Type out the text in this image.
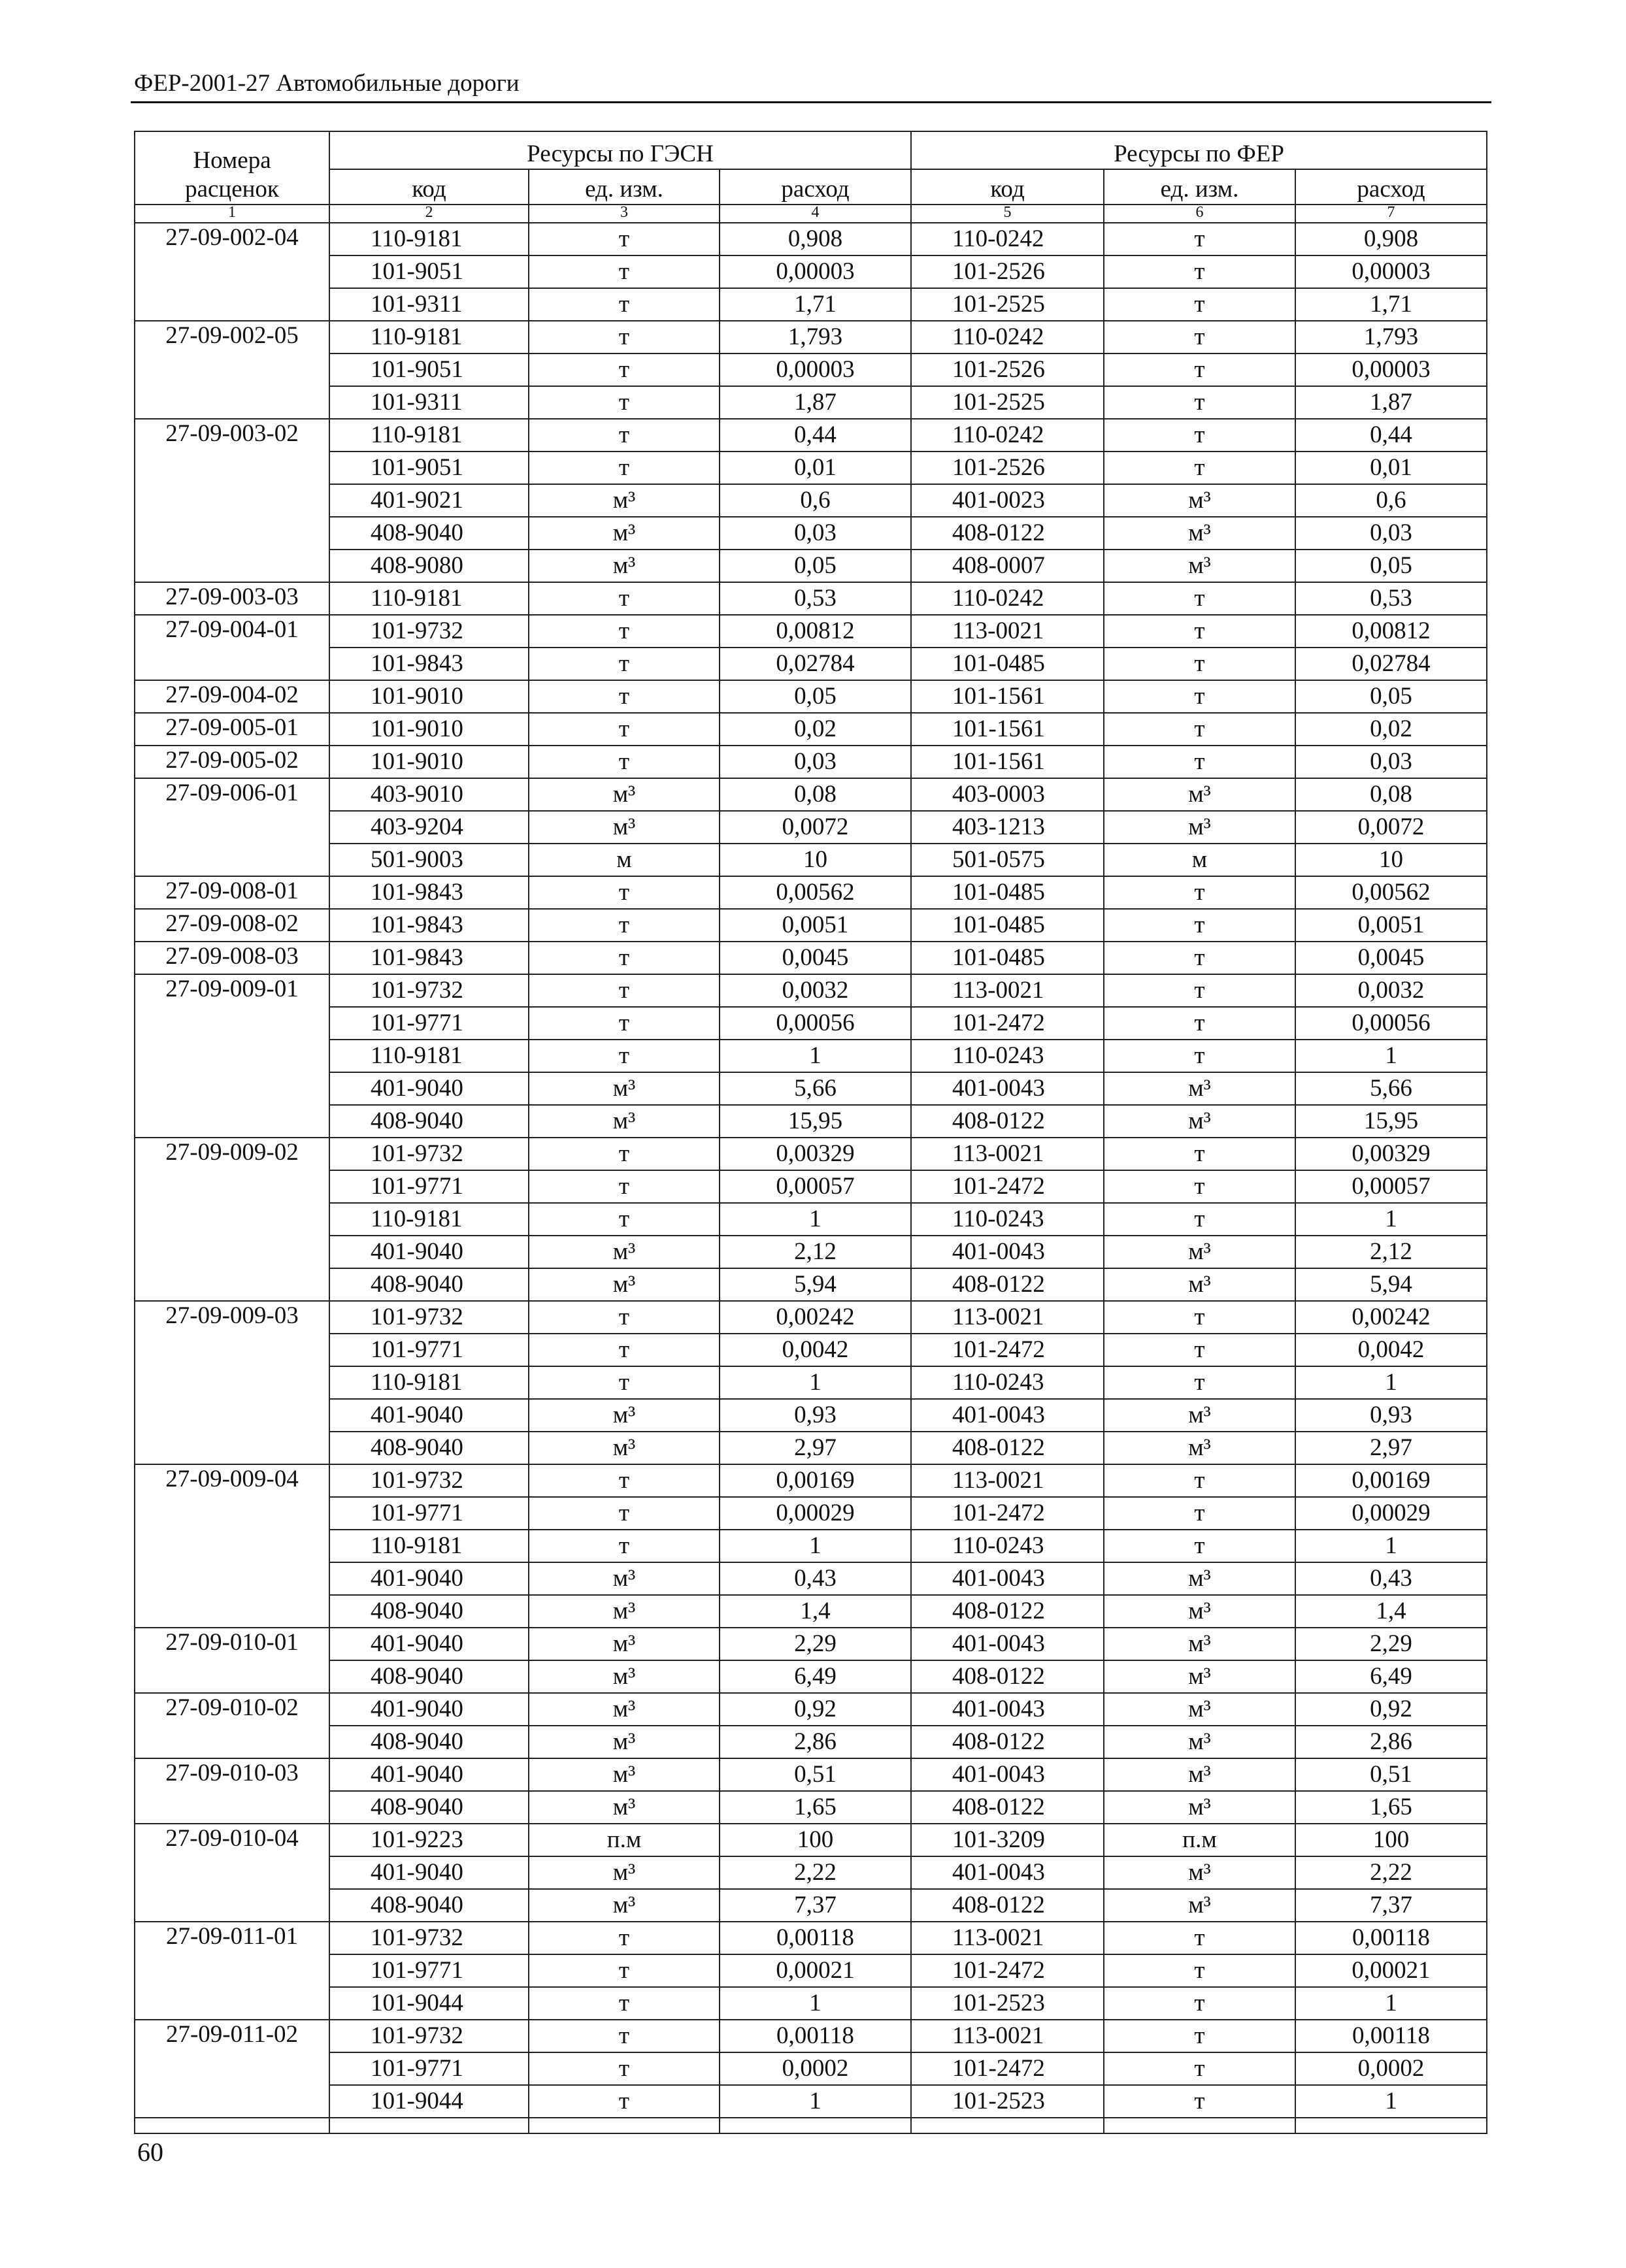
ФЕР-2001-27 Автомобильные дороги
Номера
расценок	Ресурсы по ГЭСН			Ресурсы по ФЕР		
	код	ед. изм.	расход	код	ед. изм.	расход
1	2	3	4	5	6	7
27-09-002-04	110-9181	т	0,908	110-0242	т	0,908
	101-9051	т	0,00003	101-2526	т	0,00003
	101-9311	т	1,71	101-2525	т	1,71
27-09-002-05	110-9181	т	1,793	110-0242	т	1,793
	101-9051	т	0,00003	101-2526	т	0,00003
	101-9311	т	1,87	101-2525	т	1,87
27-09-003-02	110-9181	т	0,44	110-0242	т	0,44
	101-9051	т	0,01	101-2526	т	0,01
	401-9021	м³	0,6	401-0023	м³	0,6
	408-9040	м³	0,03	408-0122	м³	0,03
	408-9080	м³	0,05	408-0007	м³	0,05
27-09-003-03	110-9181	т	0,53	110-0242	т	0,53
27-09-004-01	101-9732	т	0,00812	113-0021	т	0,00812
	101-9843	т	0,02784	101-0485	т	0,02784
27-09-004-02	101-9010	т	0,05	101-1561	т	0,05
27-09-005-01	101-9010	т	0,02	101-1561	т	0,02
27-09-005-02	101-9010	т	0,03	101-1561	т	0,03
27-09-006-01	403-9010	м³	0,08	403-0003	м³	0,08
	403-9204	м³	0,0072	403-1213	м³	0,0072
	501-9003	м	10	501-0575	м	10
27-09-008-01	101-9843	т	0,00562	101-0485	т	0,00562
27-09-008-02	101-9843	т	0,0051	101-0485	т	0,0051
27-09-008-03	101-9843	т	0,0045	101-0485	т	0,0045
27-09-009-01	101-9732	т	0,0032	113-0021	т	0,0032
	101-9771	т	0,00056	101-2472	т	0,00056
	110-9181	т	1	110-0243	т	1
	401-9040	м³	5,66	401-0043	м³	5,66
	408-9040	м³	15,95	408-0122	м³	15,95
27-09-009-02	101-9732	т	0,00329	113-0021	т	0,00329
	101-9771	т	0,00057	101-2472	т	0,00057
	110-9181	т	1	110-0243	т	1
	401-9040	м³	2,12	401-0043	м³	2,12
	408-9040	м³	5,94	408-0122	м³	5,94
27-09-009-03	101-9732	т	0,00242	113-0021	т	0,00242
	101-9771	т	0,0042	101-2472	т	0,0042
	110-9181	т	1	110-0243	т	1
	401-9040	м³	0,93	401-0043	м³	0,93
	408-9040	м³	2,97	408-0122	м³	2,97
27-09-009-04	101-9732	т	0,00169	113-0021	т	0,00169
	101-9771	т	0,00029	101-2472	т	0,00029
	110-9181	т	1	110-0243	т	1
	401-9040	м³	0,43	401-0043	м³	0,43
	408-9040	м³	1,4	408-0122	м³	1,4
27-09-010-01	401-9040	м³	2,29	401-0043	м³	2,29
	408-9040	м³	6,49	408-0122	м³	6,49
27-09-010-02	401-9040	м³	0,92	401-0043	м³	0,92
	408-9040	м³	2,86	408-0122	м³	2,86
27-09-010-03	401-9040	м³	0,51	401-0043	м³	0,51
	408-9040	м³	1,65	408-0122	м³	1,65
27-09-010-04	101-9223	п.м	100	101-3209	п.м	100
	401-9040	м³	2,22	401-0043	м³	2,22
	408-9040	м³	7,37	408-0122	м³	7,37
27-09-011-01	101-9732	т	0,00118	113-0021	т	0,00118
	101-9771	т	0,00021	101-2472	т	0,00021
	101-9044	т	1	101-2523	т	1
27-09-011-02	101-9732	т	0,00118	113-0021	т	0,00118
	101-9771	т	0,0002	101-2472	т	0,0002
	101-9044	т	1	101-2523	т	1

60
